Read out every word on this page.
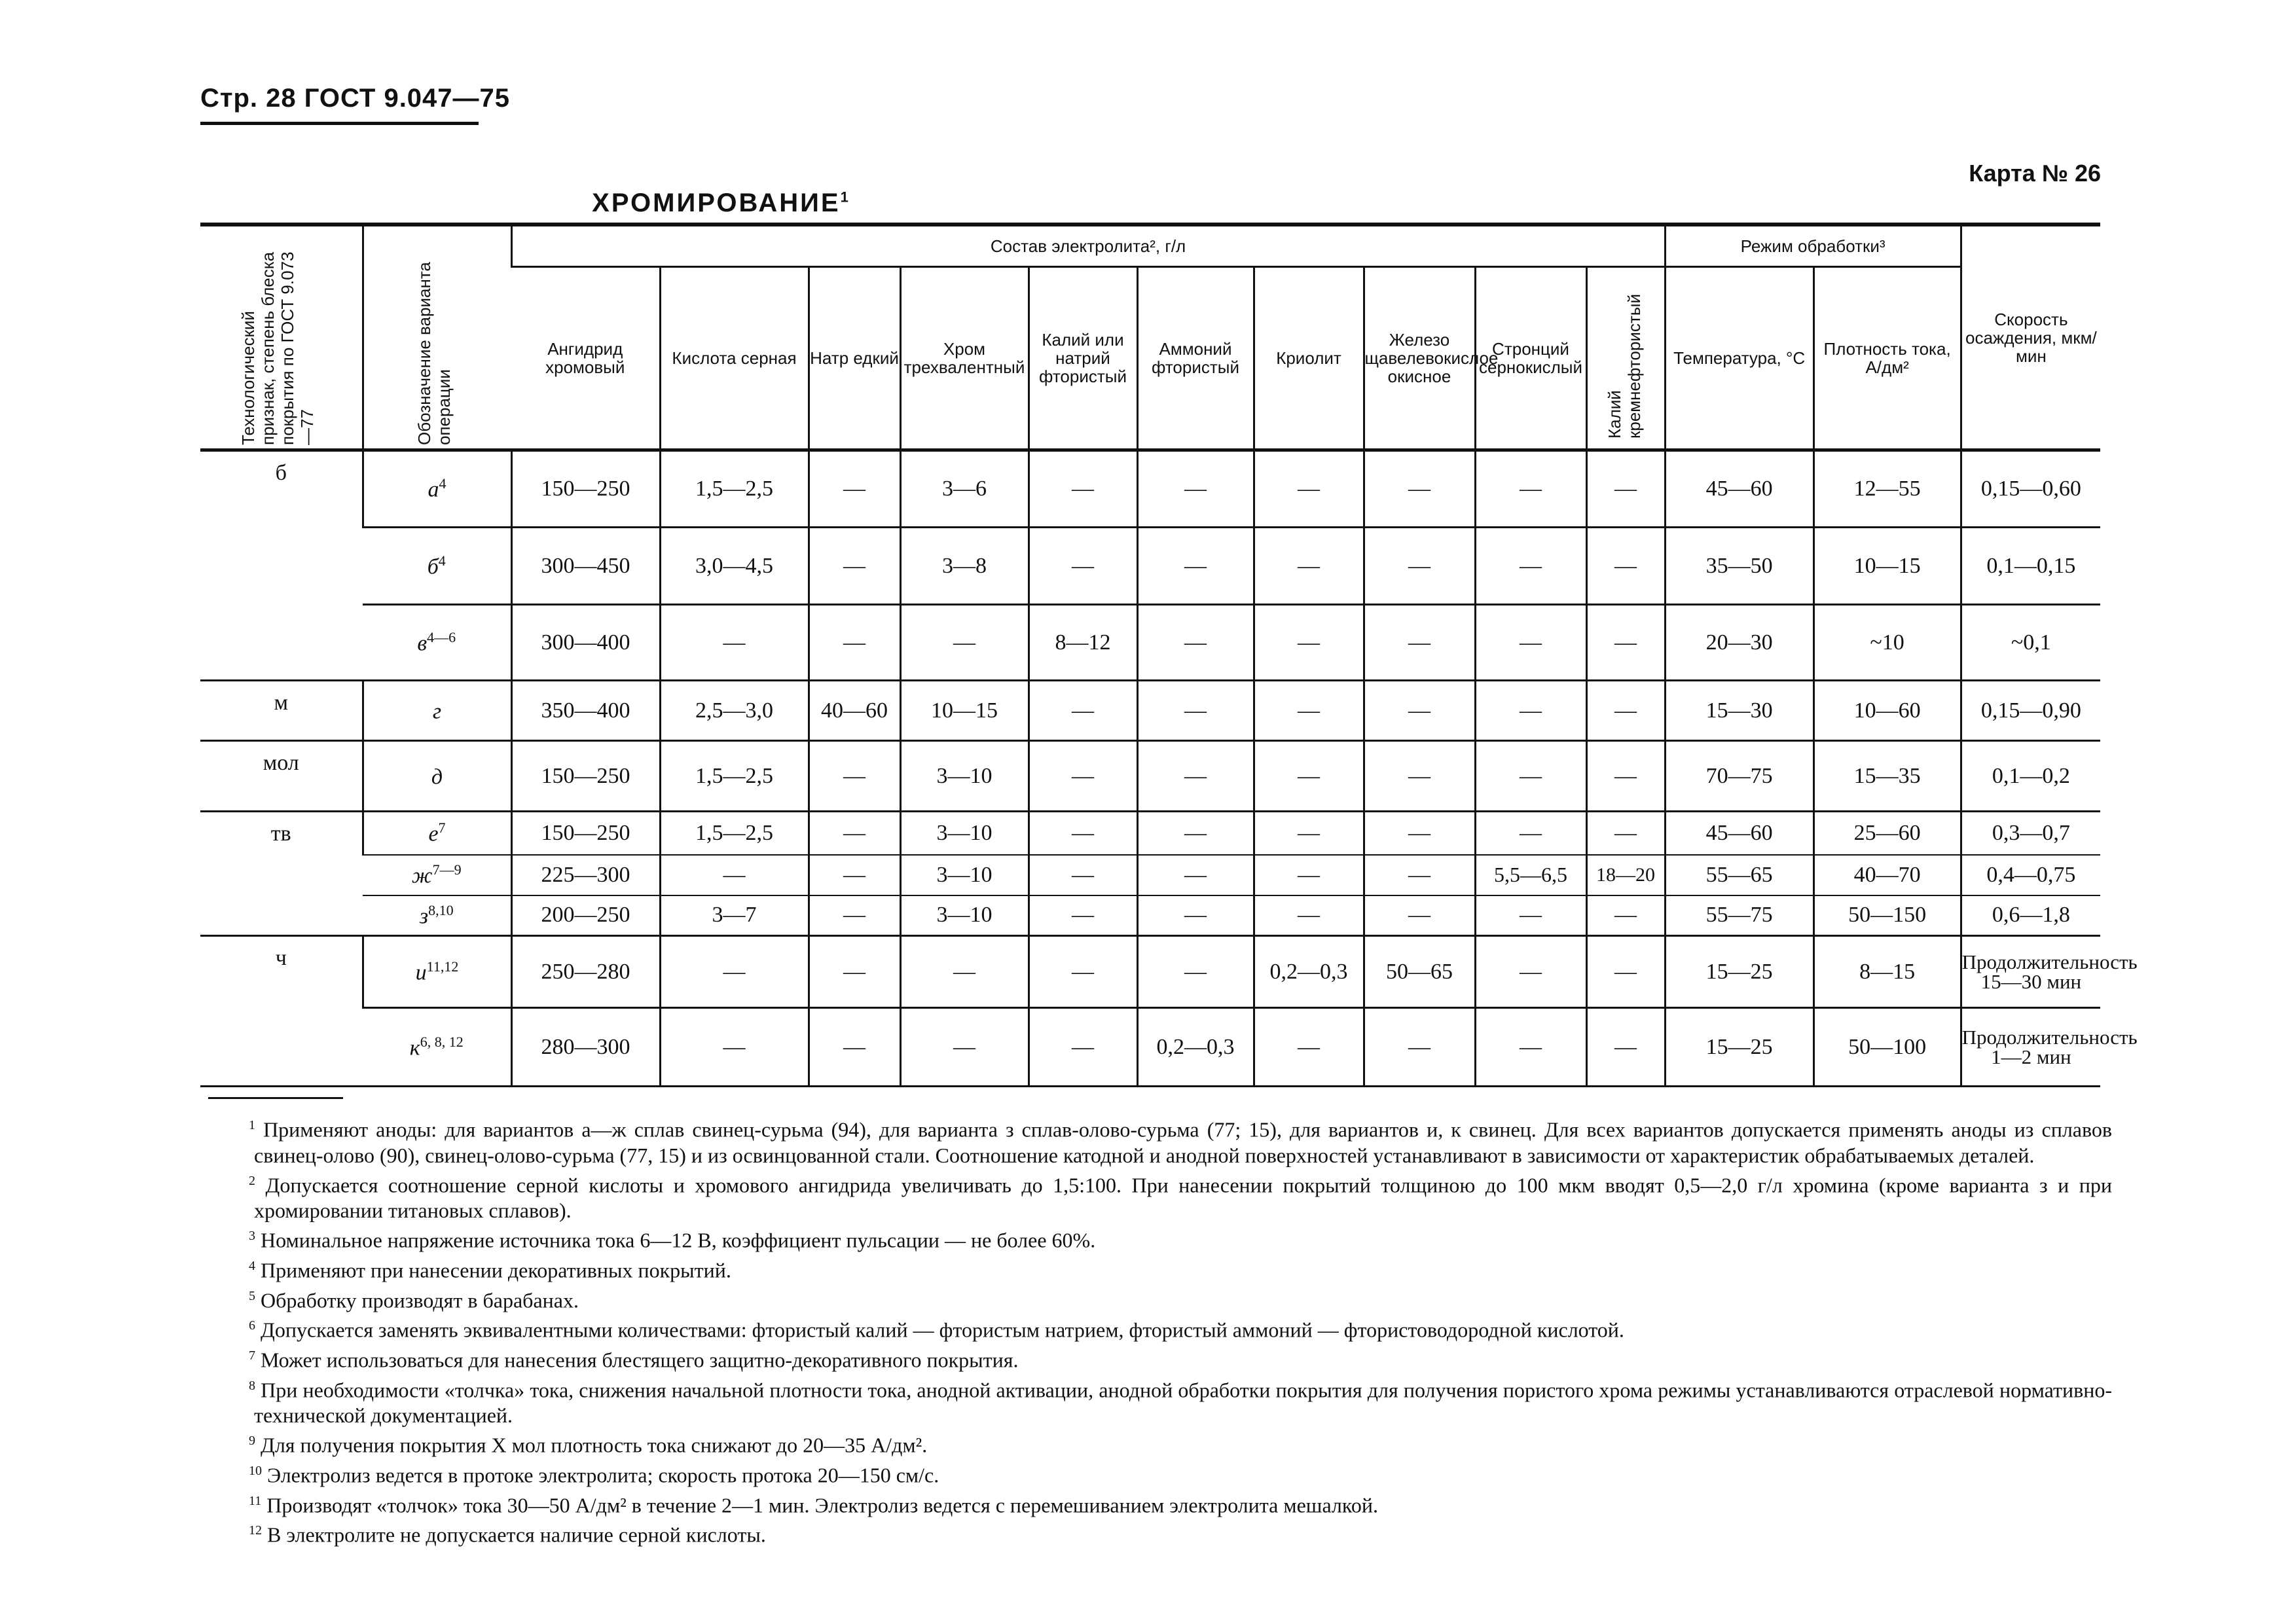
Стр. 28 ГОСТ 9.047—75
Карта № 26
ХРОМИРОВАНИЕ$^1$
Технологический признак, степень блеска покрытия по ГОСТ 9.073—77	Обозначение варианта операции	Состав электролита², г/л										Режим обработки³		Скорость осаждения, мкм/мин
		Ангидрид хромовый	Кислота серная	Натр едкий	Хром трехвалентный	Калий или натрий фтористый	Аммоний фтористый	Криолит	Железо щавелевокислое окисное	Стронций сернокислый	Калий кремнефтористый	Температура, °С	Плотность тока, А/дм²	
б	$а^4$	150—250	1,5—2,5	—	3—6	—	—	—	—	—	—	45—60	12—55	0,15—0,60
	$б^4$	300—450	3,0—4,5	—	3—8	—	—	—	—	—	—	35—50	10—15	0,1—0,15
	$в^{4—6}$	300—400	—	—	—	8—12	—	—	—	—	—	20—30	~10	~0,1
м	г	350—400	2,5—3,0	40—60	10—15	—	—	—	—	—	—	15—30	10—60	0,15—0,90
мол	д	150—250	1,5—2,5	—	3—10	—	—	—	—	—	—	70—75	15—35	0,1—0,2
тв	$е^7$	150—250	1,5—2,5	—	3—10	—	—	—	—	—	—	45—60	25—60	0,3—0,7
	$ж^{7—9}$	225—300	—	—	3—10	—	—	—	—	5,5—6,5	18—20	55—65	40—70	0,4—0,75
	$з^{8,10}$	200—250	3—7	—	3—10	—	—	—	—	—	—	55—75	50—150	0,6—1,8
ч	$и^{11,12}$	250—280	—	—	—	—	—	0,2—0,3	50—65	—	—	15—25	8—15	Продолжительность 15—30 мин
	$к^{6, 8, 12}$	280—300	—	—	—	—	0,2—0,3	—	—	—	—	15—25	50—100	Продолжительность 1—2 мин

$^1$ Применяют аноды: для вариантов а—ж сплав свинец-сурьма (94), для варианта з сплав-олово-сурьма (77; 15), для вариантов и, к свинец. Для всех вариантов допускается применять аноды из сплавов свинец-олово (90), свинец-олово-сурьма (77, 15) и из освинцованной стали. Соотношение катодной и анодной поверхностей устанавливают в зависимости от характеристик обрабатываемых деталей.

$^2$ Допускается соотношение серной кислоты и хромового ангидрида увеличивать до 1,5:100. При нанесении покрытий толщиною до 100 мкм вводят 0,5—2,0 г/л хромина (кроме варианта з и при хромировании титановых сплавов).

$^3$ Номинальное напряжение источника тока 6—12 В, коэффициент пульсации — не более 60%.

$^4$ Применяют при нанесении декоративных покрытий.

$^5$ Обработку производят в барабанах.

$^6$ Допускается заменять эквивалентными количествами: фтористый калий — фтористым натрием, фтористый аммоний — фтористоводородной кислотой.

$^7$ Может использоваться для нанесения блестящего защитно-декоративного покрытия.

$^8$ При необходимости «толчка» тока, снижения начальной плотности тока, анодной активации, анодной обработки покрытия для получения пористого хрома режимы устанавливаются отраслевой нормативно-технической документацией.

$^9$ Для получения покрытия Х мол плотность тока снижают до 20—35 А/дм².

$^{10}$ Электролиз ведется в протоке электролита; скорость протока 20—150 см/с.

$^{11}$ Производят «толчок» тока 30—50 А/дм² в течение 2—1 мин. Электролиз ведется с перемешиванием электролита мешалкой.

$^{12}$ В электролите не допускается наличие серной кислоты.
